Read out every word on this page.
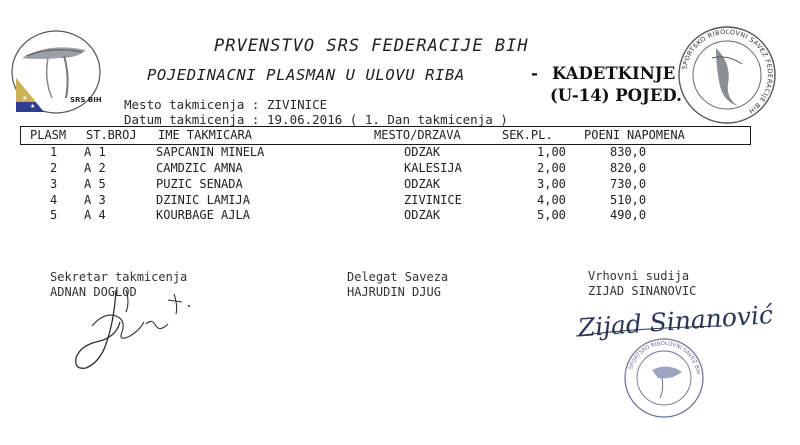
★
★
★
SRS BIH
SPORTSKO RIBOLOVNI SAVEZ FEDERACIJE BiH
PRVENSTVO SRS FEDERACIJE BIH
POJEDINACNI PLASMAN U ULOVU RIBA	- KADETKINJE
(U-14) POJED.
Mesto takmicenja : ZIVINICE
Datum takmicenja : 19.06.2016 ( 1. Dan takmicenja )
PLASM ST.BROJ IME TAKMICARA	MESTO/DRZAVA	SEK.PL.	POENI NAPOMENA
1 A 1	SAPCANIN MINELA	ODZAK	1,00	830,0
2 A 2	CAMDZIC AMNA	KALESIJA	2,00	820,0
3 A 5	PUZIC SENADA	ODZAK	3,00	730,0
4 A 3	DZINIC LAMIJA	ZIVINICE	4,00	510,0
5 A 4	KOURBAGE AJLA	ODZAK	5,00	490,0
Sekretar takmicenja
ADNAN DOGLOD
Delegat Saveza
HAJRUDIN DJUG
Vrhovni sudija
ZIJAD SINANOVIC
Zijad Sinanović
SPORTSKO RIBOLOVNI SAVEZ BiH
